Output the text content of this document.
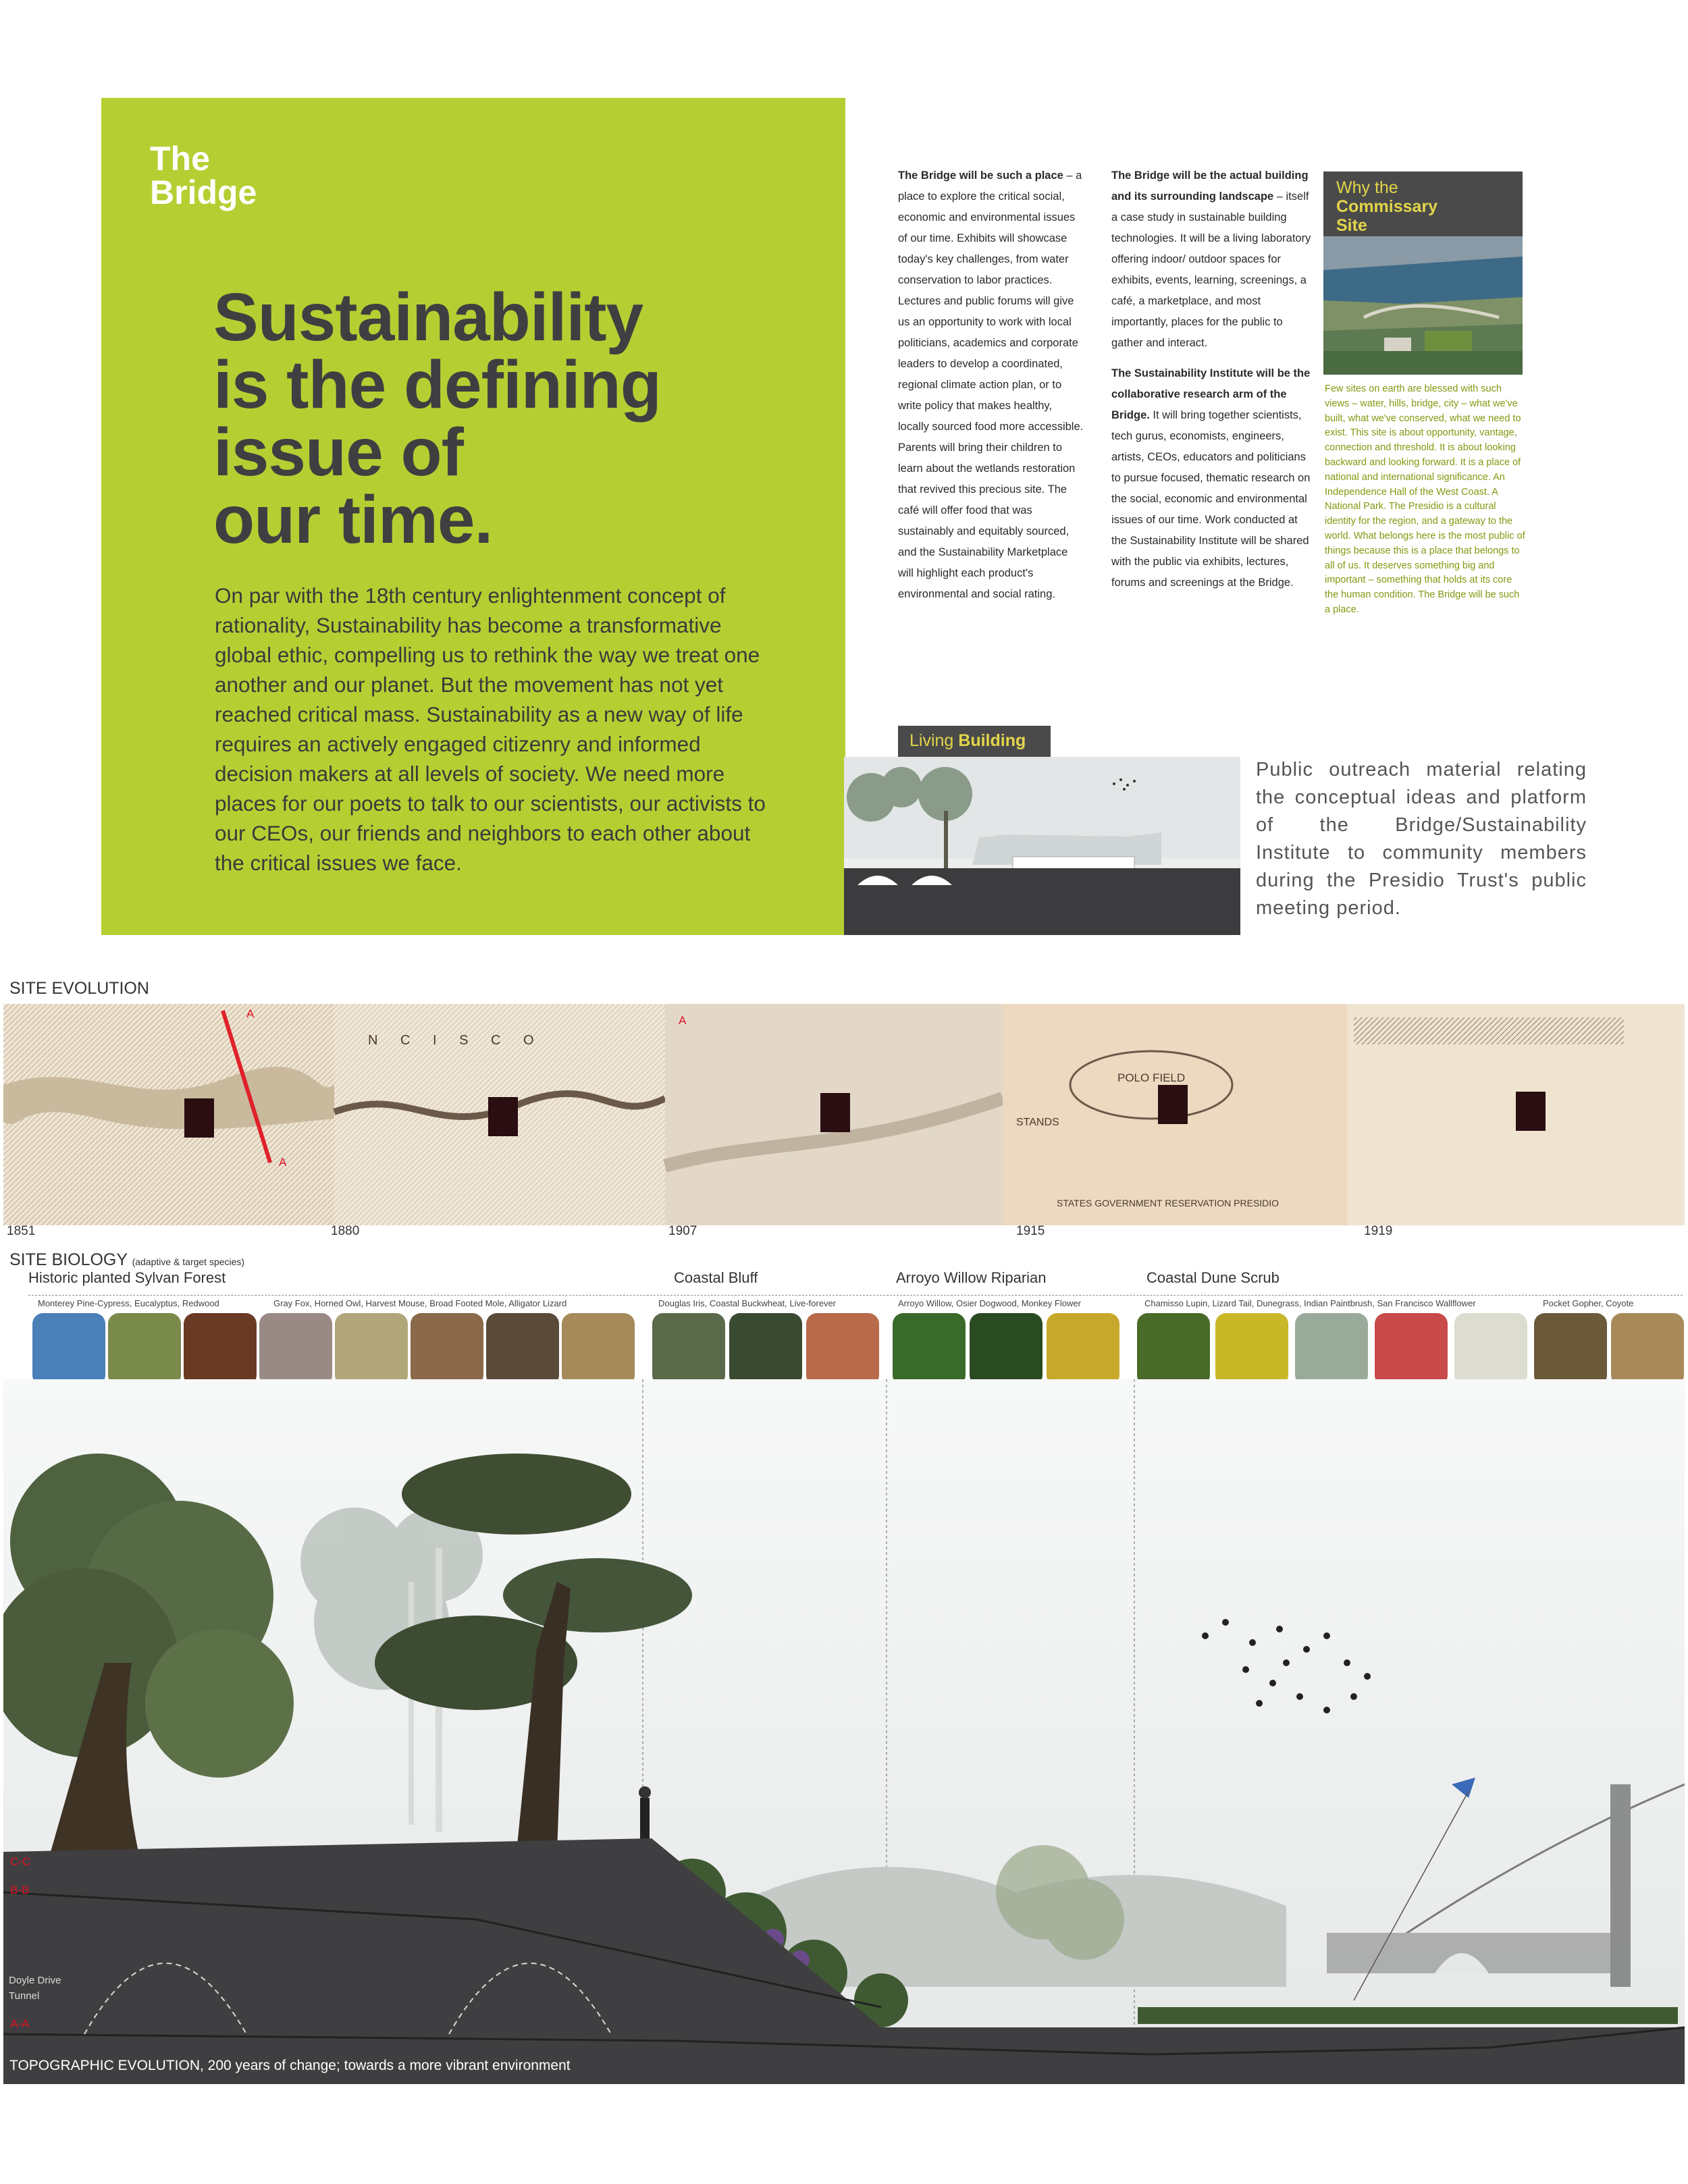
The
Bridge
Sustainability
is the defining
issue of
our time.
On par with the 18th century enlightenment concept of rationality, Sustainability has become a transformative global ethic, compelling us to rethink the way we treat one another and our planet. But the movement has not yet reached critical mass. Sustainability as a new way of life requires an actively engaged citizenry and informed decision makers at all levels of society. We need more places for our poets to talk to our scientists, our activists to our CEOs, our friends and neighbors to each other about the critical issues we face.
The Bridge will be such a place – a place to explore the critical social, economic and environmental issues of our time. Exhibits will showcase today's key challenges, from water conservation to labor practices. Lectures and public forums will give us an opportunity to work with local politicians, academics and corporate leaders to develop a coordinated, regional climate action plan, or to write policy that makes healthy, locally sourced food more accessible. Parents will bring their children to learn about the wetlands restoration that revived this precious site. The café will offer food that was sustainably and equitably sourced, and the Sustainability Marketplace will highlight each product's environmental and social rating.

The Bridge will be the actual building and its surrounding landscape – itself a case study in sustainable building technologies. It will be a living laboratory offering indoor/ outdoor spaces for exhibits, events, learning, screenings, a café, a marketplace, and most importantly, places for the public to gather and interact.

The Sustainability Institute will be the collaborative research arm of the Bridge. It will bring together scientists, tech gurus, economists, engineers, artists, CEOs, educators and politicians to pursue focused, thematic research on the social, economic and environmental issues of our time. Work conducted at the Sustainability Institute will be shared with the public via exhibits, lectures, forums and screenings at the Bridge.

Why the
Commissary
Site
Few sites on earth are blessed with such views – water, hills, bridge, city – what we've built, what we've conserved, what we need to exist. This site is about opportunity, vantage, connection and threshold. It is about looking backward and looking forward. It is a place of national and international significance. An Independence Hall of the West Coast. A National Park. The Presidio is a cultural identity for the region, and a gateway to the world. What belongs here is the most public of things because this is a place that belongs to all of us. It deserves something big and important – something that holds at its core the human condition. The Bridge will be such a place.
Living Building
Public outreach material relating the conceptual ideas and platform of the Bridge/Sustainability Institute to community members during the Presidio Trust's public meeting period.
SITE EVOLUTION
A
A
N C I S C O
A
POLO FIELD
STANDS
STATES GOVERNMENT RESERVATION PRESIDIO
1851	1880	1907	1915	1919
SITE BIOLOGY (adaptive & target species)
Historic planted Sylvan Forest	Coastal Bluff	Arroyo Willow Riparian	Coastal Dune Scrub
Monterey Pine-Cypress, Eucalyptus, Redwood	Gray Fox, Horned Owl, Harvest Mouse, Broad Footed Mole, Alligator Lizard	Douglas Iris, Coastal Buckwheat, Live-forever	Arroyo Willow, Osier Dogwood, Monkey Flower	Chamisso Lupin, Lizard Tail, Dunegrass, Indian Paintbrush, San Francisco Wallflower	Pocket Gopher, Coyote
C-C
B-B
A-A
Doyle Drive
Tunnel
TOPOGRAPHIC EVOLUTION, 200 years of change; towards a more vibrant environment
